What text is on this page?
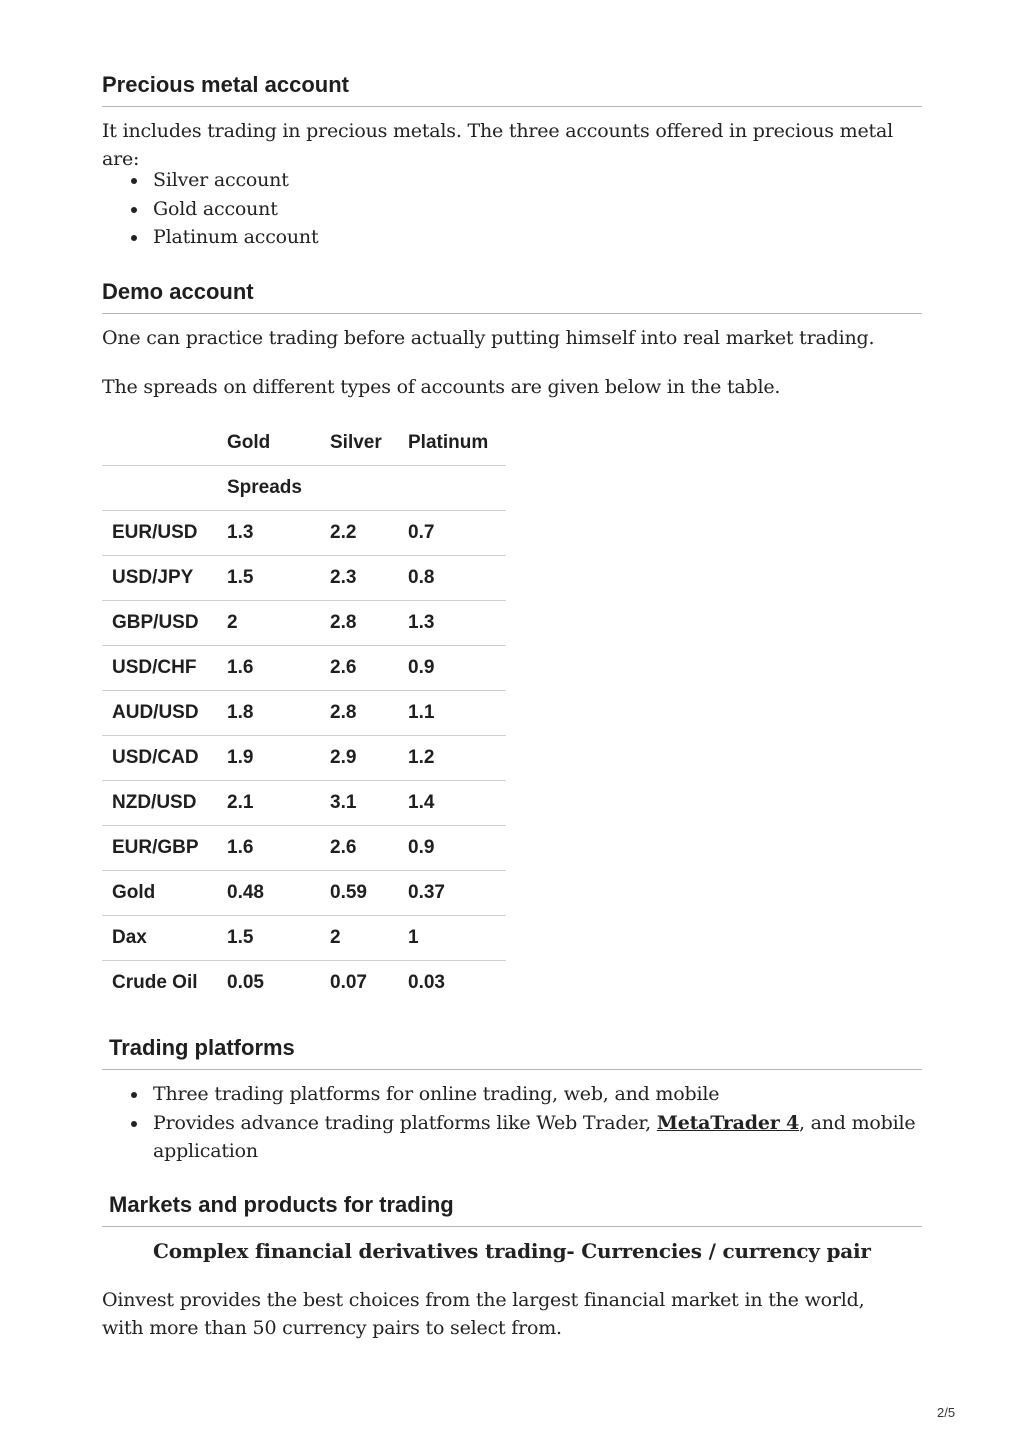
Precious metal account

It includes trading in precious metals. The three accounts offered in precious metal are:

Silver account
Gold account
Platinum account
Demo account

One can practice trading before actually putting himself into real market trading.

The spreads on different types of accounts are given below in the table.

	Gold	Silver	Platinum
	Spreads		
EUR/USD	1.3	2.2	0.7
USD/JPY	1.5	2.3	0.8
GBP/USD	2	2.8	1.3
USD/CHF	1.6	2.6	0.9
AUD/USD	1.8	2.8	1.1
USD/CAD	1.9	2.9	1.2
NZD/USD	2.1	3.1	1.4
EUR/GBP	1.6	2.6	0.9
Gold	0.48	0.59	0.37
Dax	1.5	2	1
Crude Oil	0.05	0.07	0.03
Trading platforms
Three trading platforms for online trading, web, and mobile
Provides advance trading platforms like Web Trader, MetaTrader 4, and mobile application
Markets and products for trading

Complex financial derivatives trading- Currencies / currency pair

Oinvest provides the best choices from the largest financial market in the world, with more than 50 currency pairs to select from.

2/5
